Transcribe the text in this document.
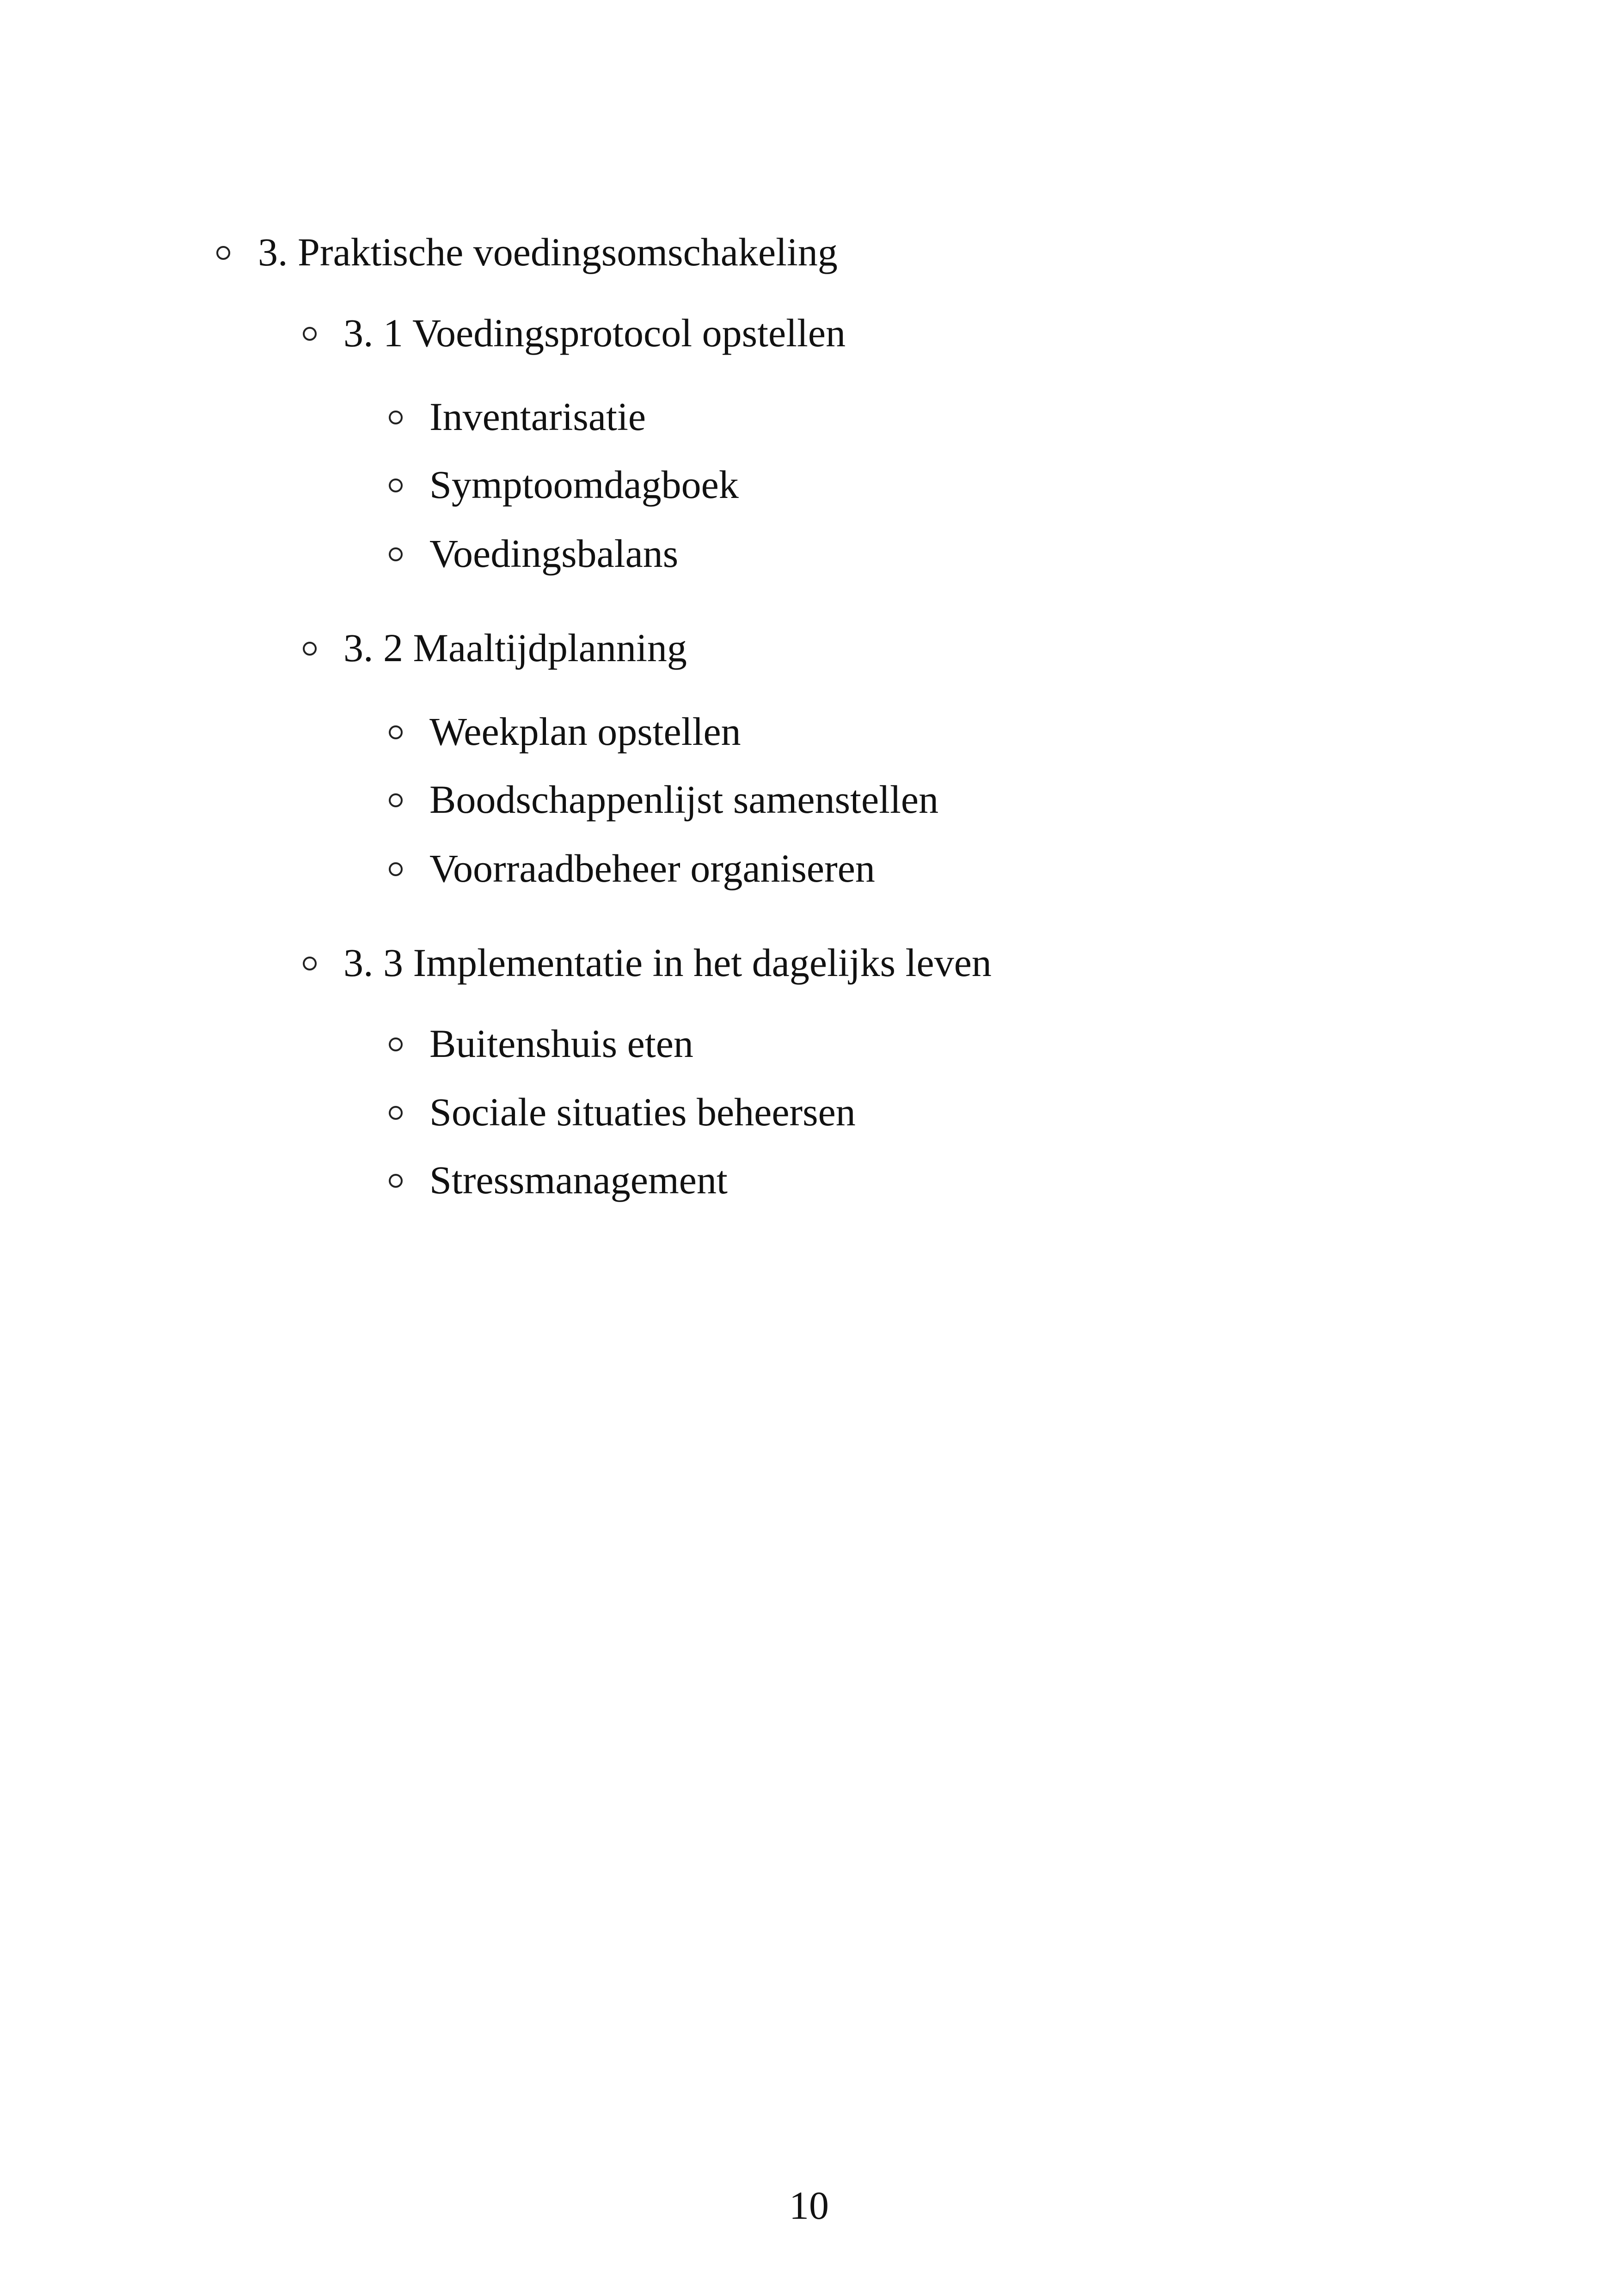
3. Praktische voedingsomschakeling
3. 1 Voedingsprotocol opstellen
Inventarisatie
Symptoomdagboek
Voedingsbalans
3. 2 Maaltijdplanning
Weekplan opstellen
Boodschappenlijst samenstellen
Voorraadbeheer organiseren
3. 3 Implementatie in het dagelijks leven
Buitenshuis eten
Sociale situaties beheersen
Stressmanagement
10
